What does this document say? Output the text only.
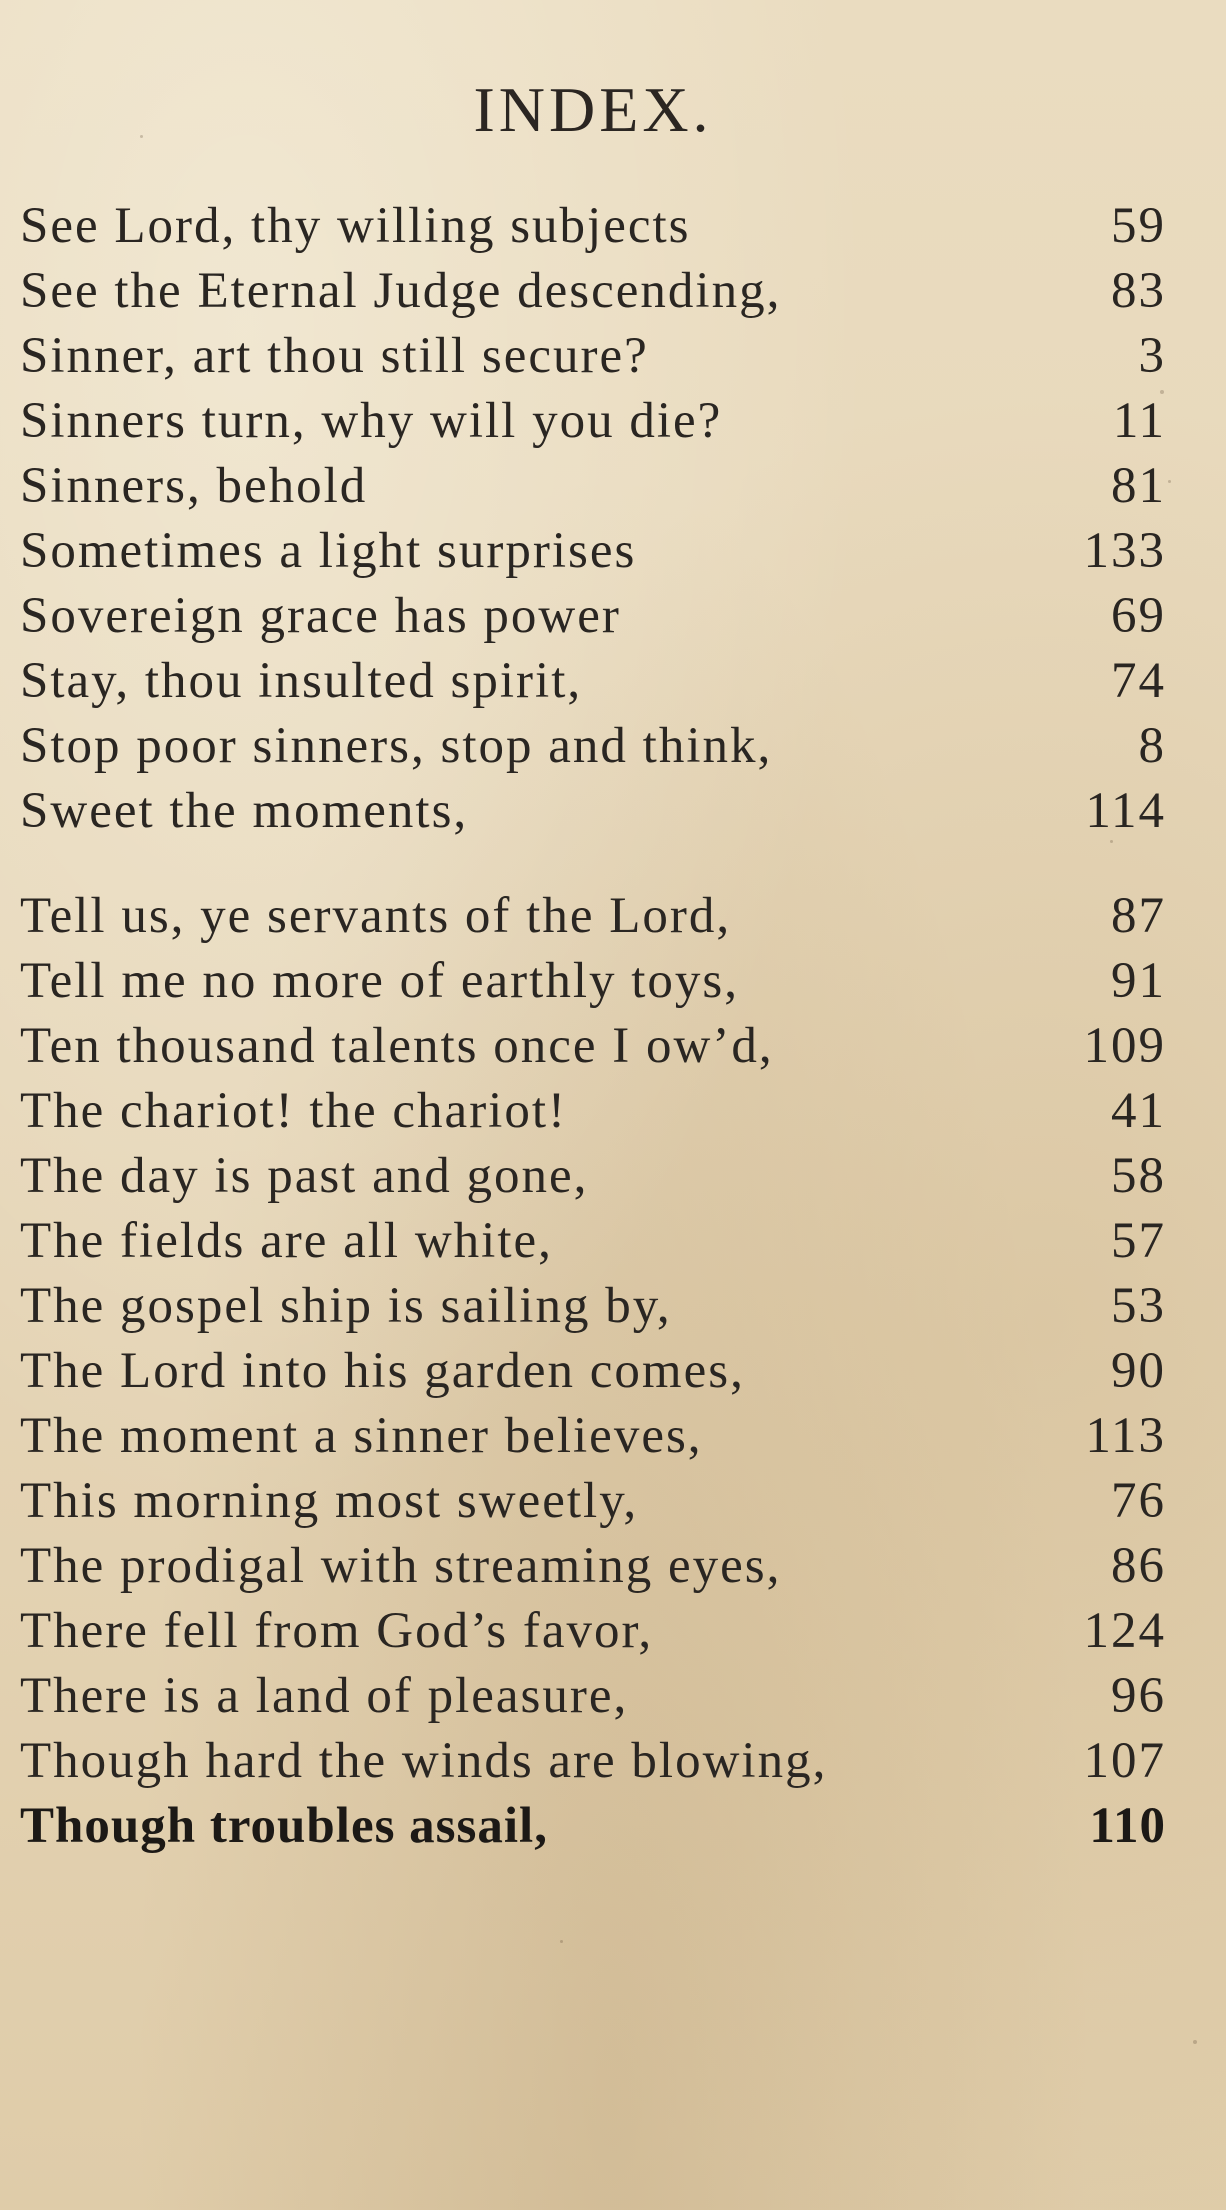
INDEX.
See Lord, thy willing subjects	59
See the Eternal Judge descending,	83
Sinner, art thou still secure?	3
Sinners turn, why will you die?	11
Sinners, behold	81
Sometimes a light surprises	133
Sovereign grace has power	69
Stay, thou insulted spirit,	74
Stop poor sinners, stop and think,	8
Sweet the moments,	114
Tell us, ye servants of the Lord,	87
Tell me no more of earthly toys,	91
Ten thousand talents once I ow’d,	109
The chariot! the chariot!	41
The day is past and gone,	58
The fields are all white,	57
The gospel ship is sailing by,	53
The Lord into his garden comes,	90
The moment a sinner believes,	113
This morning most sweetly,	76
The prodigal with streaming eyes,	86
There fell from God’s favor,	124
There is a land of pleasure,	96
Though hard the winds are blowing,	107
Though troubles assail,	110
